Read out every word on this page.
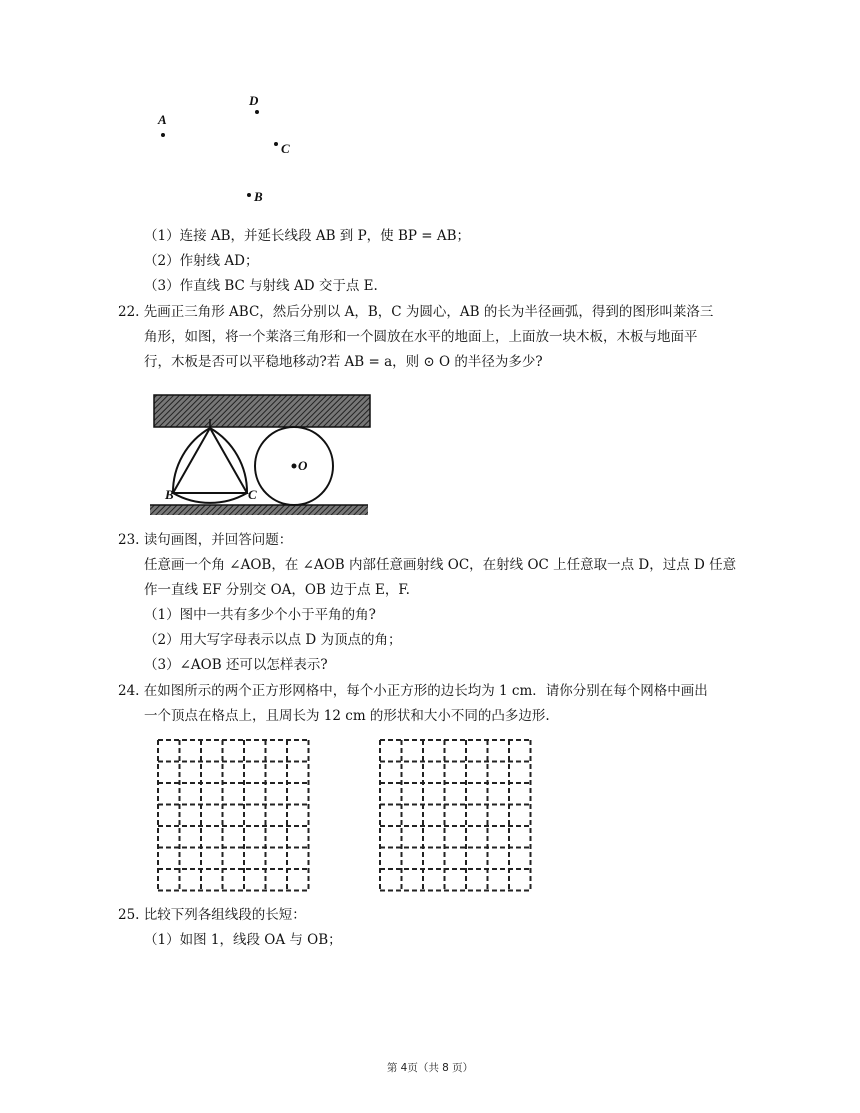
A
D
C
B
（1）连接 AB，并延长线段 AB 到 P，使 BP = AB；
（2）作射线 AD；
（3）作直线 BC 与射线 AD 交于点 E.
22. 先画正三角形 ABC，然后分别以 A，B，C 为圆心，AB 的长为半径画弧，得到的图形叫莱洛三
角形，如图，将一个莱洛三角形和一个圆放在水平的地面上，上面放一块木板，木板与地面平
行，木板是否可以平稳地移动?若 AB = a，则 ⊙ O 的半径为多少?
B	C
O
23. 读句画图，并回答问题：
任意画一个角 ∠AOB，在 ∠AOB 内部任意画射线 OC，在射线 OC 上任意取一点 D，过点 D 任意
作一直线 EF 分别交 OA，OB 边于点 E，F.
（1）图中一共有多少个小于平角的角?
（2）用大写字母表示以点 D 为顶点的角；
（3）∠AOB 还可以怎样表示?
24. 在如图所示的两个正方形网格中，每个小正方形的边长均为 1 cm．请你分别在每个网格中画出
一个顶点在格点上，且周长为 12 cm 的形状和大小不同的凸多边形.
25. 比较下列各组线段的长短：
（1）如图 1，线段 OA 与 OB；
第 4页（共 8 页）
